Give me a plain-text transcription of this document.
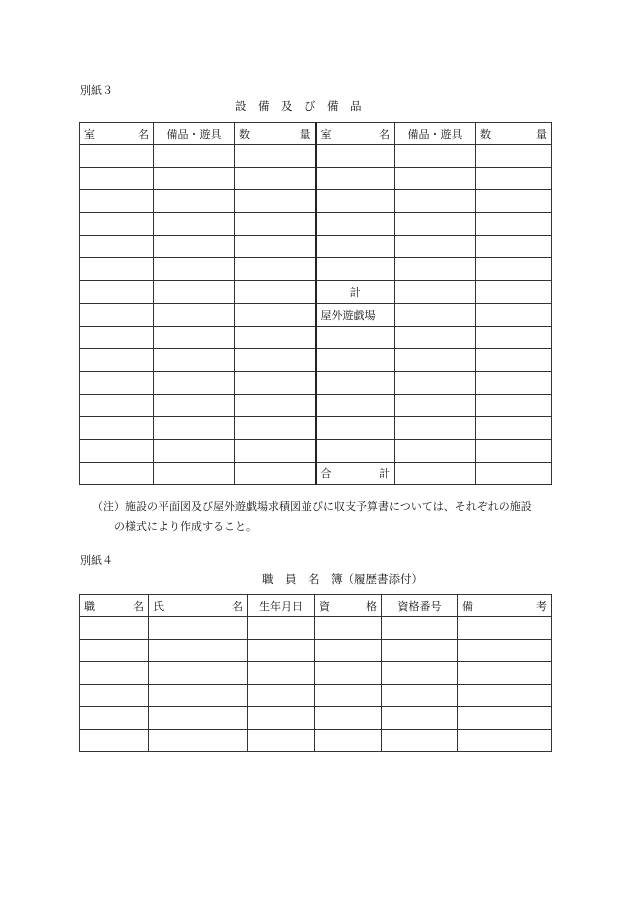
別紙３
設　備　及　び　備　品
室 名	備品・遊具	数 量	室 名	備品・遊具	数 量

			計		
			屋外遊戯場		

			合 計		

（注）施設の平面図及び屋外遊戯場求積図並びに収支予算書については、それぞれの施設
の様式により作成すること。
別紙４
職　員　名　簿（履歴書添付）
職 名	氏 名	生年月日	資 格	資格番号	備 考
